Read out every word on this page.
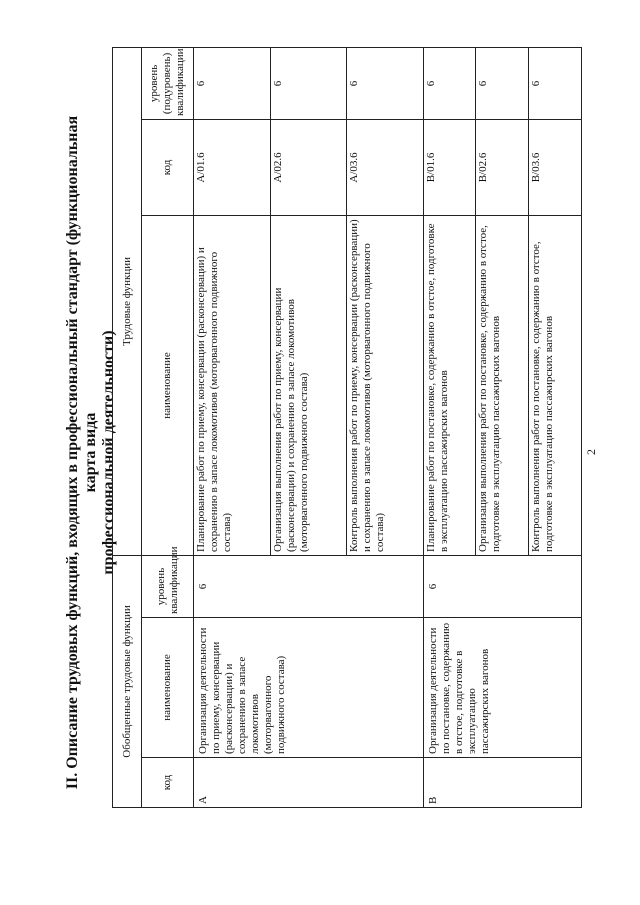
II. Описание трудовых функций, входящих в профессиональный стандарт (функциональная карта вида профессиональной деятельности)
Обобщенные трудовые функции			Трудовые функции		
код	наименование	уровень квалификации	наименование	код	уровень (подуровень) квалификации
A	Организация деятельности по приему, консервации (расконсервации) и сохранению в запасе локомотивов (моторвагонного подвижного состава)	6	Планирование работ по приему, консервации (расконсервации) и сохранению в запасе локомотивов (моторвагонного подвижного состава)	A/01.6	6
			Организация выполнения работ по приему, консервации (расконсервации) и сохранению в запасе локомотивов (моторвагонного подвижного состава)	A/02.6	6
			Контроль выполнения работ по приему, консервации (расконсервации) и сохранению в запасе локомотивов (моторвагонного подвижного состава)	A/03.6	6
B	Организация деятельности по постановке, содержанию в отстое, подготовке в эксплуатацию пассажирских вагонов	6	Планирование работ по постановке, содержанию в отстое, подготовке в эксплуатацию пассажирских вагонов	B/01.6	6
			Организация выполнения работ по постановке, содержанию в отстое, подготовке в эксплуатацию пассажирских вагонов	B/02.6	6
			Контроль выполнения работ по постановке, содержанию в отстое, подготовке в эксплуатацию пассажирских вагонов	B/03.6	6
2
